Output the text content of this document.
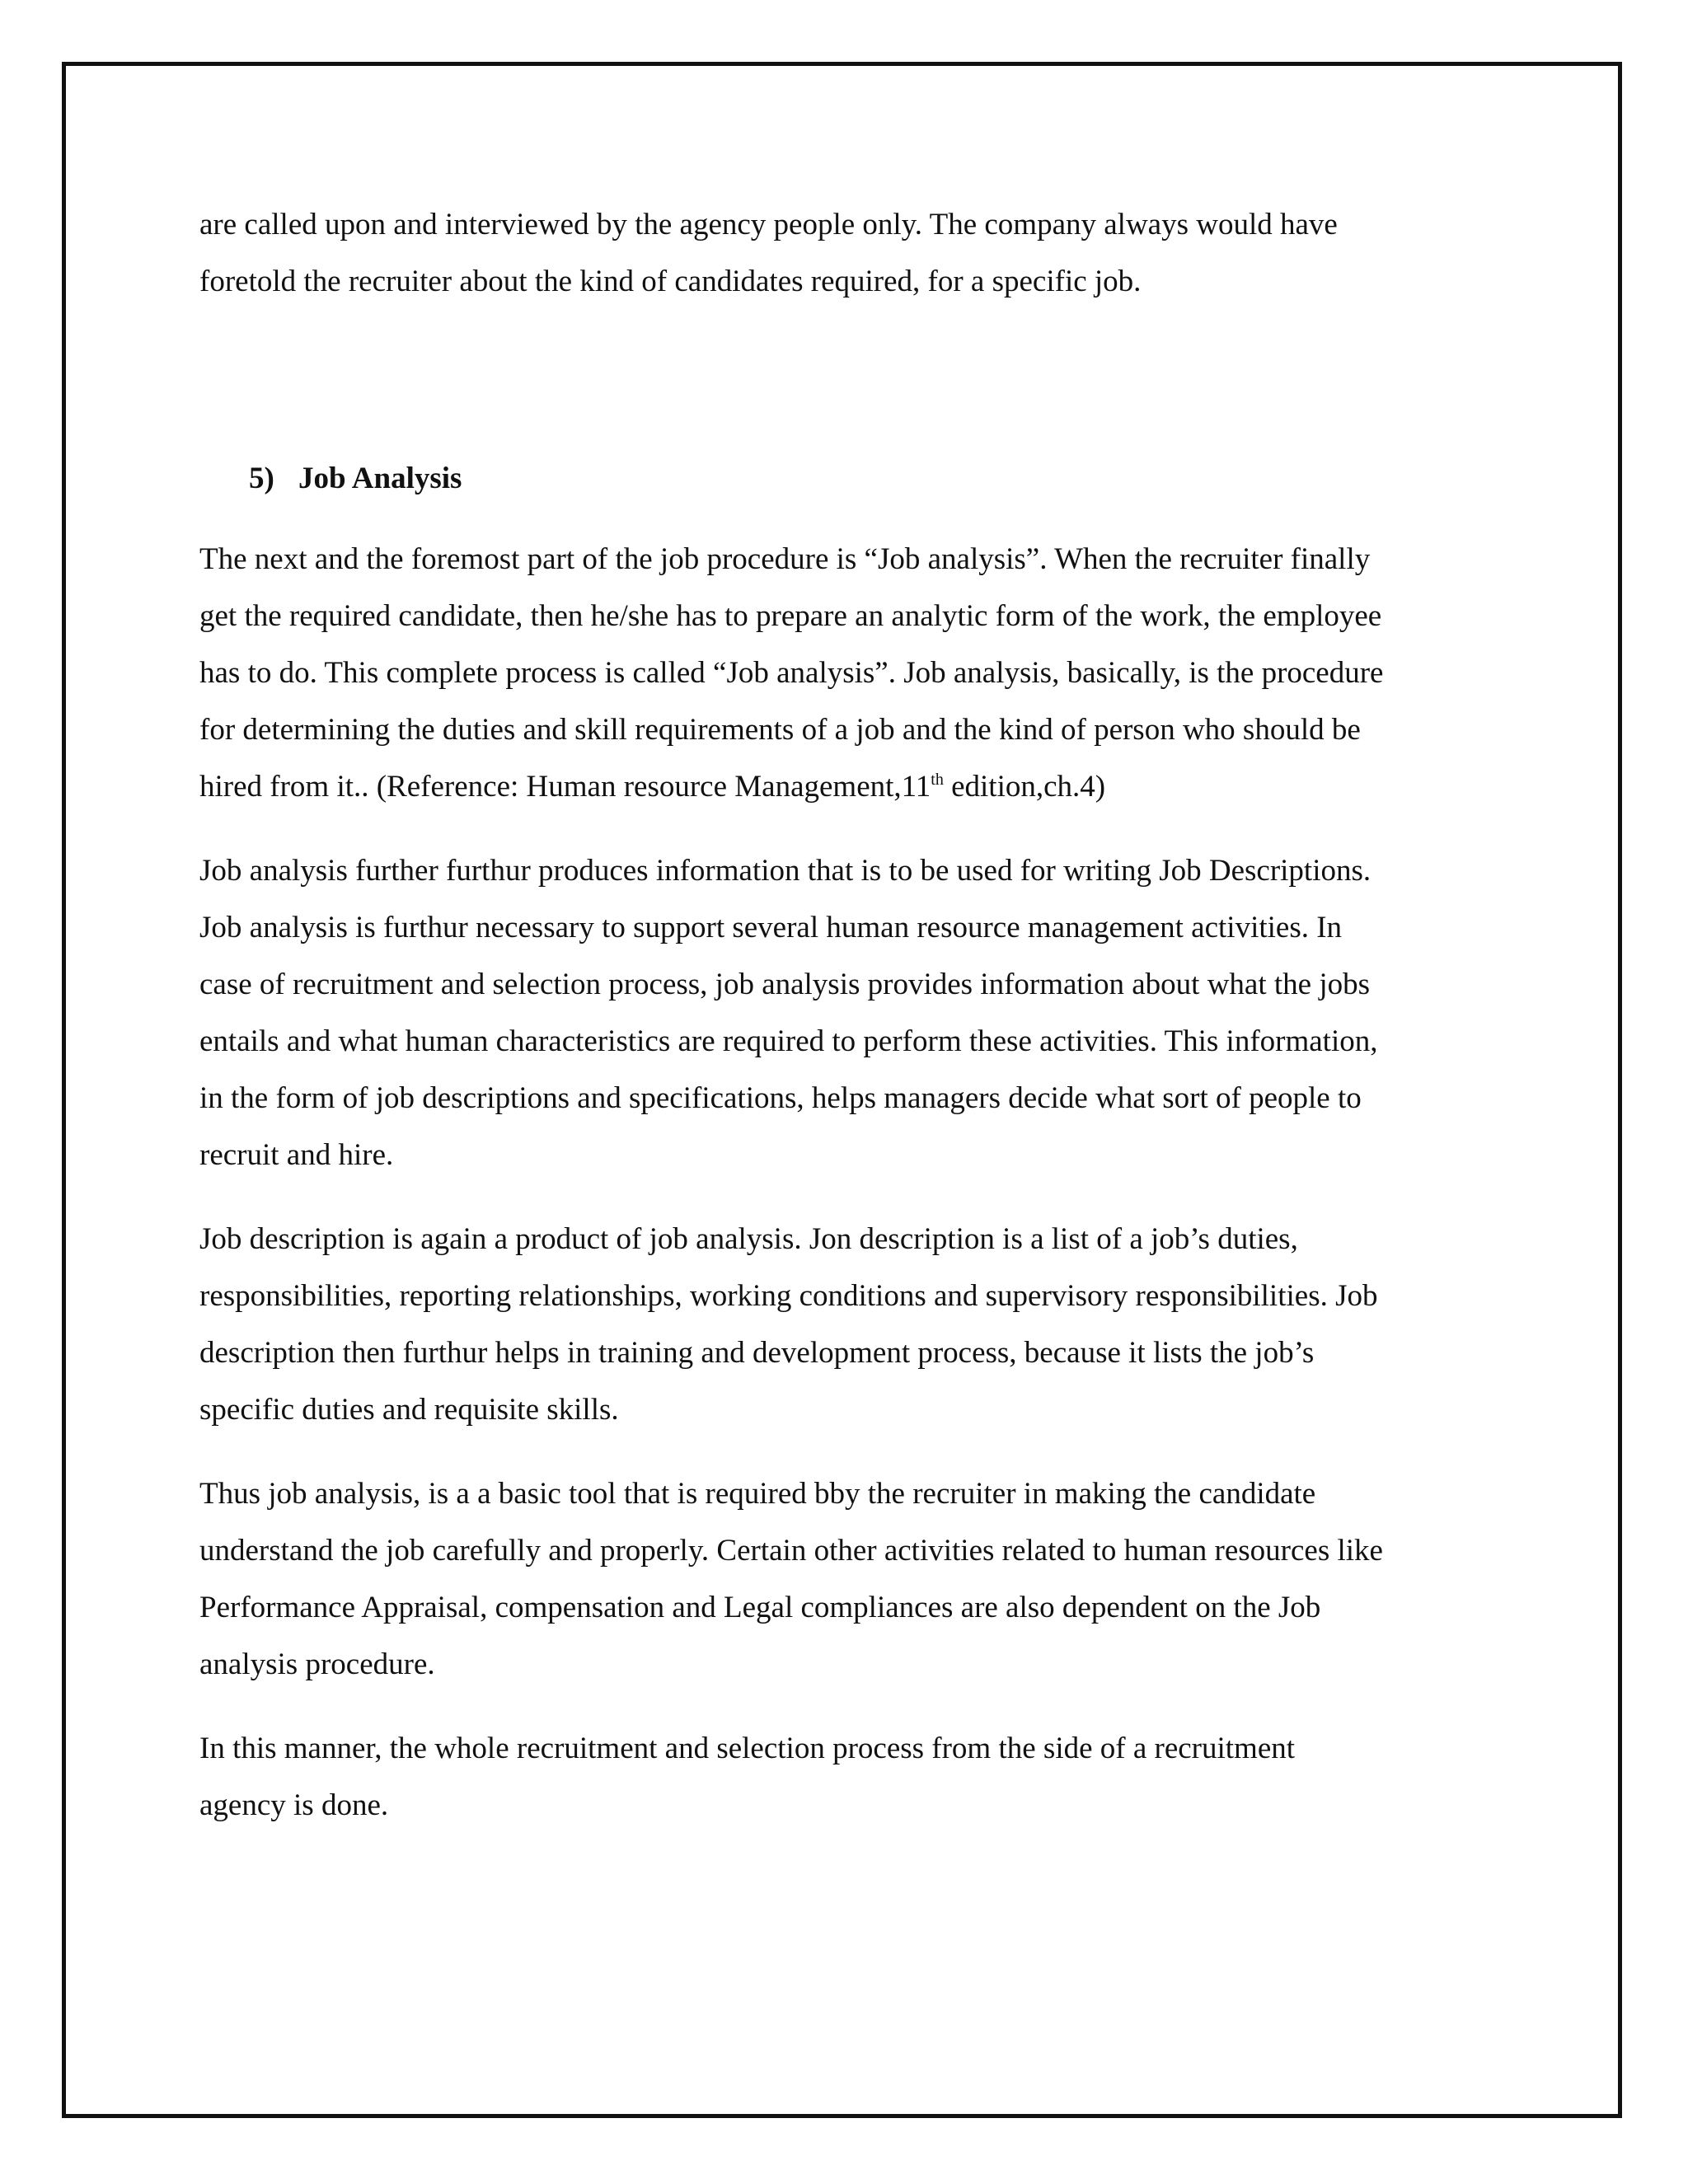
are called upon and interviewed by the agency people only. The company always would have
foretold the recruiter about the kind of candidates required, for a specific job.

5) Job Analysis

The next and the foremost part of the job procedure is “Job analysis”. When the recruiter finally
get the required candidate, then he/she has to prepare an analytic form of the work, the employee
has to do. This complete process is called “Job analysis”. Job analysis, basically, is the procedure
for determining the duties and skill requirements of a job and the kind of person who should be
hired from it.. (Reference: Human resource Management,11th edition,ch.4)

Job analysis further furthur produces information that is to be used for writing Job Descriptions.
Job analysis is furthur necessary to support several human resource management activities. In
case of recruitment and selection process, job analysis provides information about what the jobs
entails and what human characteristics are required to perform these activities. This information,
in the form of job descriptions and specifications, helps managers decide what sort of people to
recruit and hire.

Job description is again a product of job analysis. Jon description is a list of a job’s duties,
responsibilities, reporting relationships, working conditions and supervisory responsibilities. Job
description then furthur helps in training and development process, because it lists the job’s
specific duties and requisite skills.

Thus job analysis, is a a basic tool that is required bby the recruiter in making the candidate
understand the job carefully and properly. Certain other activities related to human resources like
Performance Appraisal, compensation and Legal compliances are also dependent on the Job
analysis procedure.

In this manner, the whole recruitment and selection process from the side of a recruitment
agency is done.
